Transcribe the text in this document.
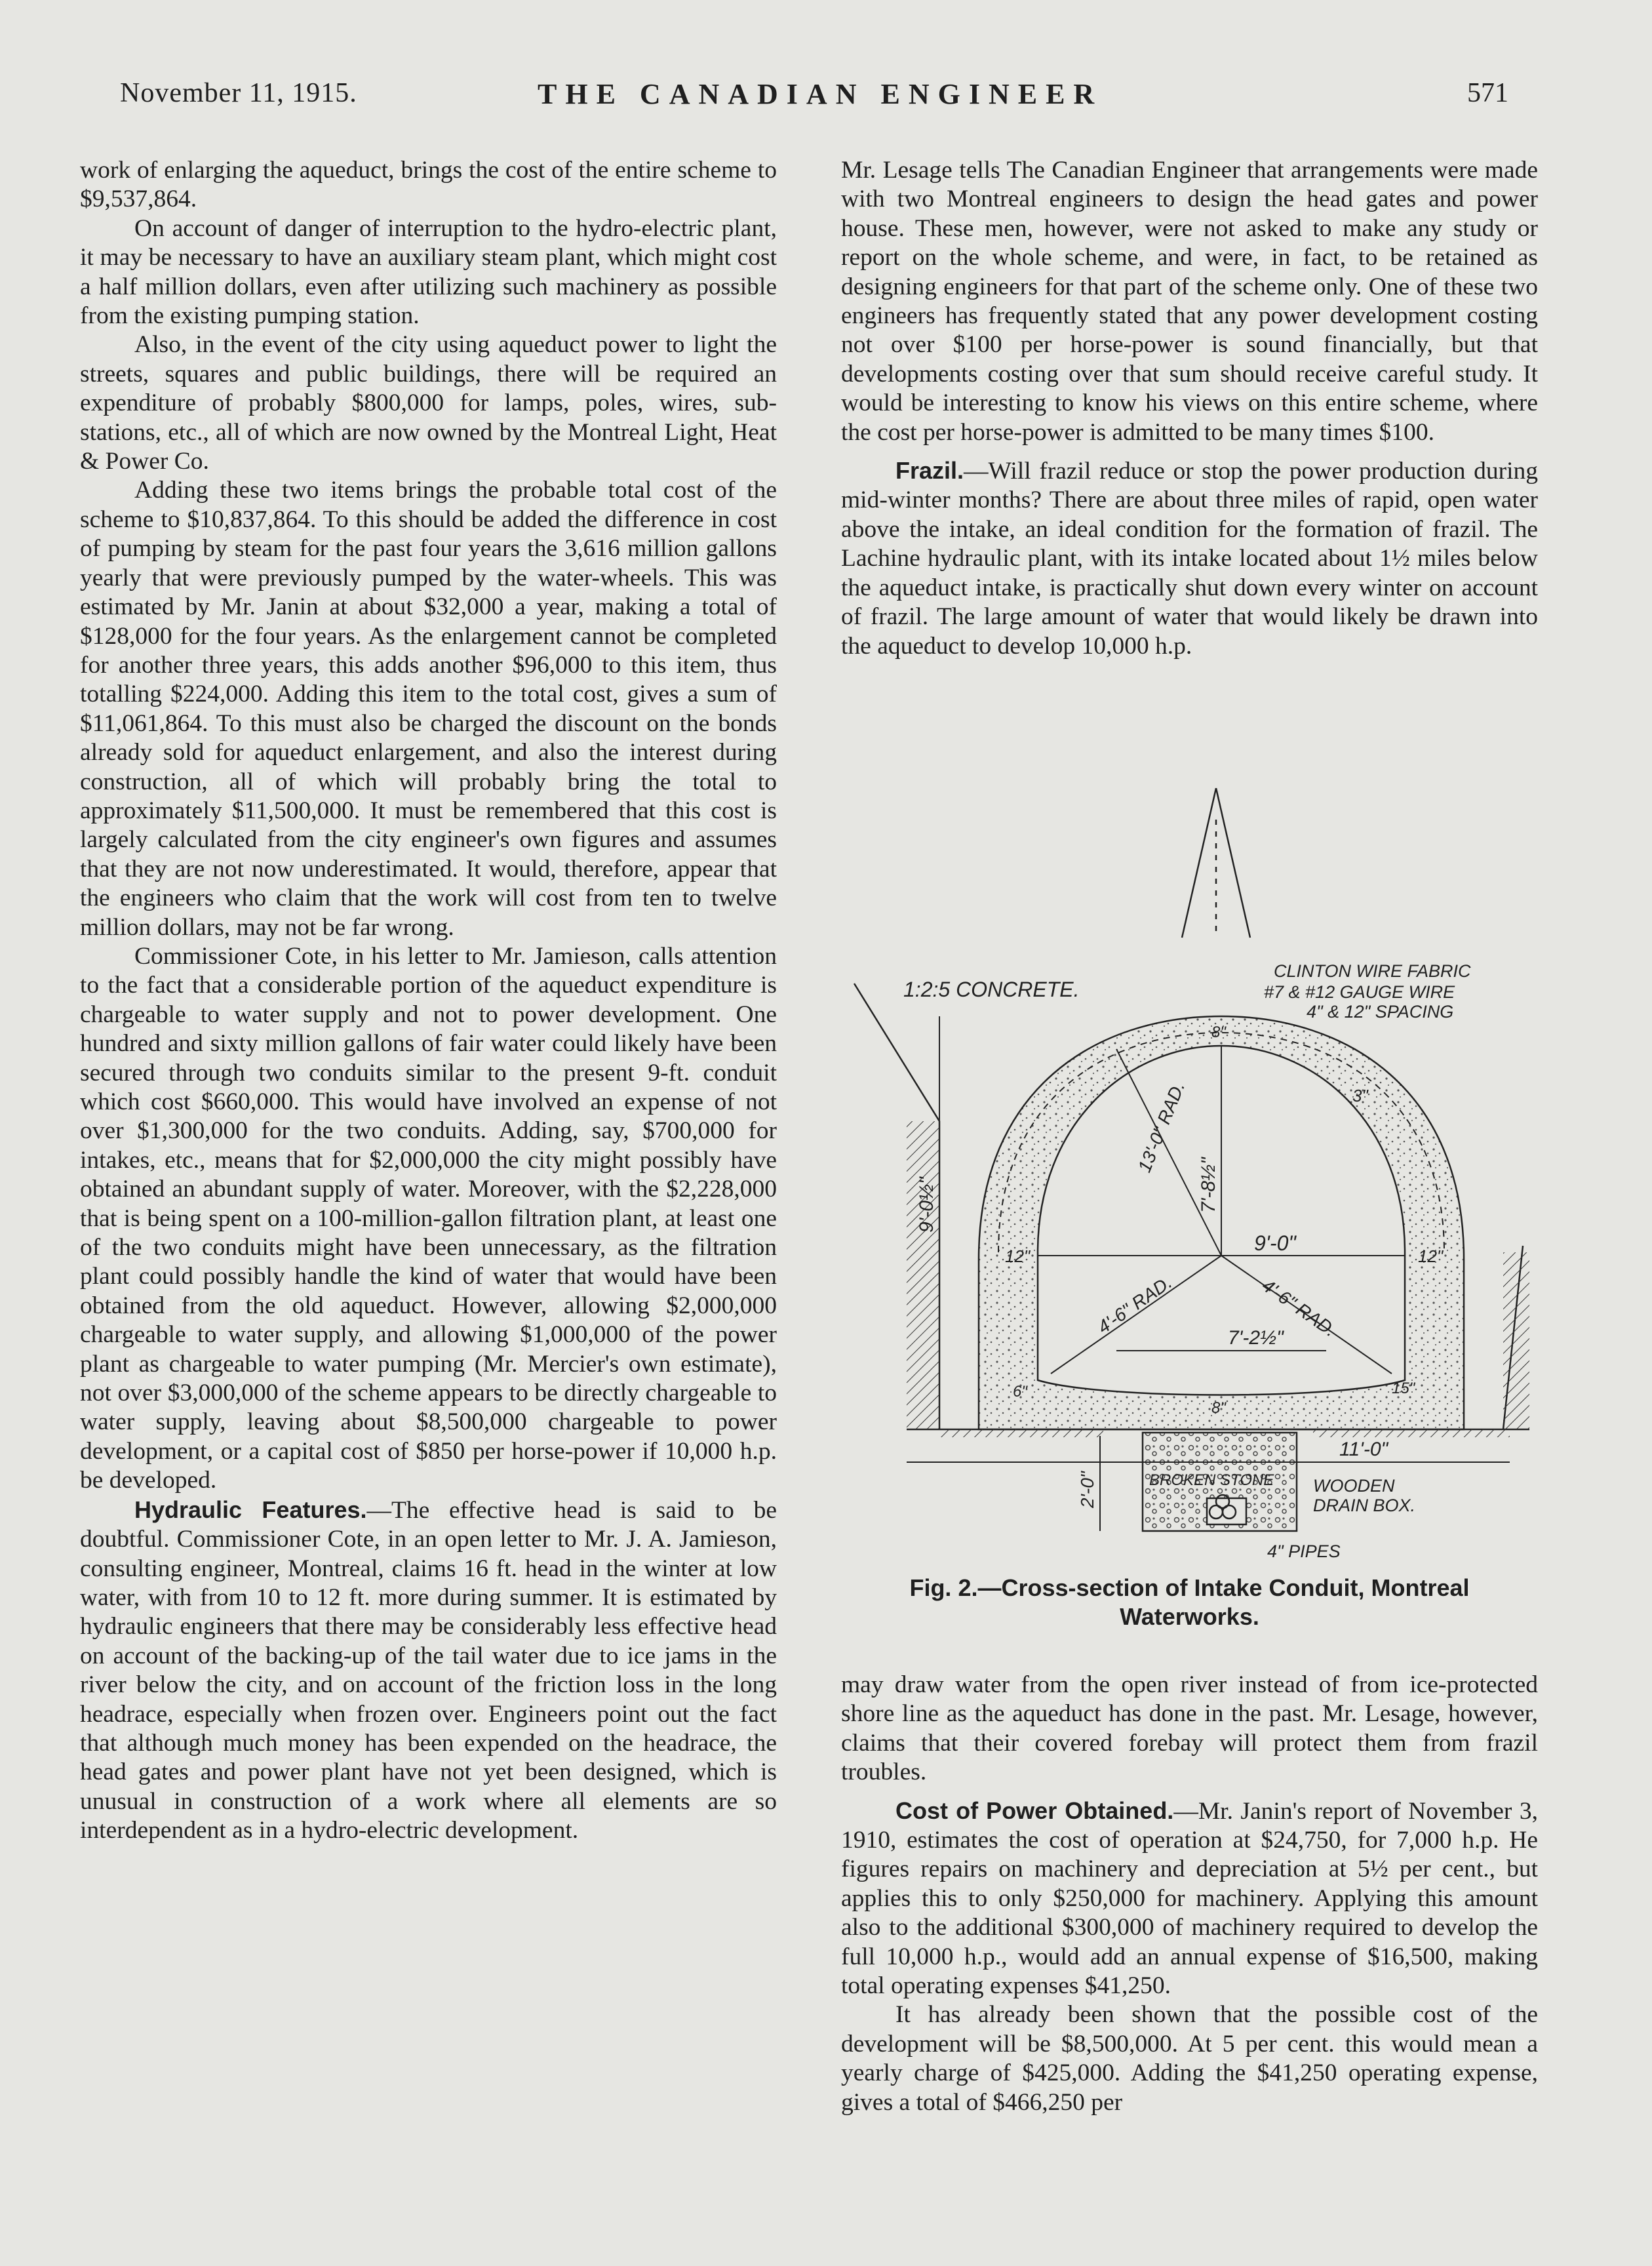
November 11, 1915.	THE CANADIAN ENGINEER	571

work of enlarging the aqueduct, brings the cost of the entire scheme to $9,537,864.

On account of danger of interruption to the hydro-electric plant, it may be necessary to have an auxiliary steam plant, which might cost a half million dollars, even after utilizing such machinery as possible from the existing pumping station.

Also, in the event of the city using aqueduct power to light the streets, squares and public buildings, there will be required an expenditure of probably $800,000 for lamps, poles, wires, sub-stations, etc., all of which are now owned by the Montreal Light, Heat & Power Co.

Adding these two items brings the probable total cost of the scheme to $10,837,864. To this should be added the difference in cost of pumping by steam for the past four years the 3,616 million gallons yearly that were previously pumped by the water-wheels. This was estimated by Mr. Janin at about $32,000 a year, making a total of $128,000 for the four years. As the enlargement cannot be completed for another three years, this adds another $96,000 to this item, thus totalling $224,000. Adding this item to the total cost, gives a sum of $11,061,864. To this must also be charged the discount on the bonds already sold for aqueduct enlargement, and also the interest during construction, all of which will probably bring the total to approximately $11,500,000. It must be remembered that this cost is largely calculated from the city engineer's own figures and assumes that they are not now underestimated. It would, therefore, appear that the engineers who claim that the work will cost from ten to twelve million dollars, may not be far wrong.

Commissioner Cote, in his letter to Mr. Jamieson, calls attention to the fact that a considerable portion of the aqueduct expenditure is chargeable to water supply and not to power development. One hundred and sixty million gallons of fair water could likely have been secured through two conduits similar to the present 9-ft. conduit which cost $660,000. This would have involved an expense of not over $1,300,000 for the two conduits. Adding, say, $700,000 for intakes, etc., means that for $2,000,000 the city might possibly have obtained an abundant supply of water. Moreover, with the $2,228,000 that is being spent on a 100-million-gallon filtration plant, at least one of the two conduits might have been unnecessary, as the filtration plant could possibly handle the kind of water that would have been obtained from the old aqueduct. However, allowing $2,000,000 chargeable to water supply, and allowing $1,000,000 of the power plant as chargeable to water pumping (Mr. Mercier's own estimate), not over $3,000,000 of the scheme appears to be directly chargeable to water supply, leaving about $8,500,000 chargeable to power development, or a capital cost of $850 per horse-power if 10,000 h.p. be developed.

Hydraulic Features.—The effective head is said to be doubtful. Commissioner Cote, in an open letter to Mr. J. A. Jamieson, consulting engineer, Montreal, claims 16 ft. head in the winter at low water, with from 10 to 12 ft. more during summer. It is estimated by hydraulic engineers that there may be considerably less effective head on account of the backing-up of the tail water due to ice jams in the river below the city, and on account of the friction loss in the long headrace, especially when frozen over. Engineers point out the fact that although much money has been expended on the headrace, the head gates and power plant have not yet been designed, which is unusual in construction of a work where all elements are so interdependent as in a hydro-electric development.

Mr. Lesage tells The Canadian Engineer that arrangements were made with two Montreal engineers to design the head gates and power house. These men, however, were not asked to make any study or report on the whole scheme, and were, in fact, to be retained as designing engineers for that part of the scheme only. One of these two engineers has frequently stated that any power development costing not over $100 per horse-power is sound financially, but that developments costing over that sum should receive careful study. It would be interesting to know his views on this entire scheme, where the cost per horse-power is admitted to be many times $100.

Frazil.—Will frazil reduce or stop the power production during mid-winter months? There are about three miles of rapid, open water above the intake, an ideal condition for the formation of frazil. The Lachine hydraulic plant, with its intake located about 1½ miles below the aqueduct intake, is practically shut down every winter on account of frazil. The large amount of water that would likely be drawn into the aqueduct to develop 10,000 h.p.

1:2:5 CONCRETE.
CLINTON WIRE FABRIC
#7 & #12 GAUGE WIRE
4" & 12" SPACING
9'-0½"
13'-0" RAD.
7'-8½"
9'-0"
4'-6" RAD.	4'-6" RAD.
7'-2½"
8"
8"
12"	12"
3"
6"	15"
11'-0"
2'-0"	BROKEN STONE WOODEN
DRAIN BOX.
4" PIPES
Fig. 2.—Cross-section of Intake Conduit, Montreal
Waterworks.

may draw water from the open river instead of from ice-protected shore line as the aqueduct has done in the past. Mr. Lesage, however, claims that their covered forebay will protect them from frazil troubles.

Cost of Power Obtained.—Mr. Janin's report of November 3, 1910, estimates the cost of operation at $24,750, for 7,000 h.p. He figures repairs on machinery and depreciation at 5½ per cent., but applies this to only $250,000 for machinery. Applying this amount also to the additional $300,000 of machinery required to develop the full 10,000 h.p., would add an annual expense of $16,500, making total operating expenses $41,250.

It has already been shown that the possible cost of the development will be $8,500,000. At 5 per cent. this would mean a yearly charge of $425,000. Adding the $41,250 operating expense, gives a total of $466,250 per
